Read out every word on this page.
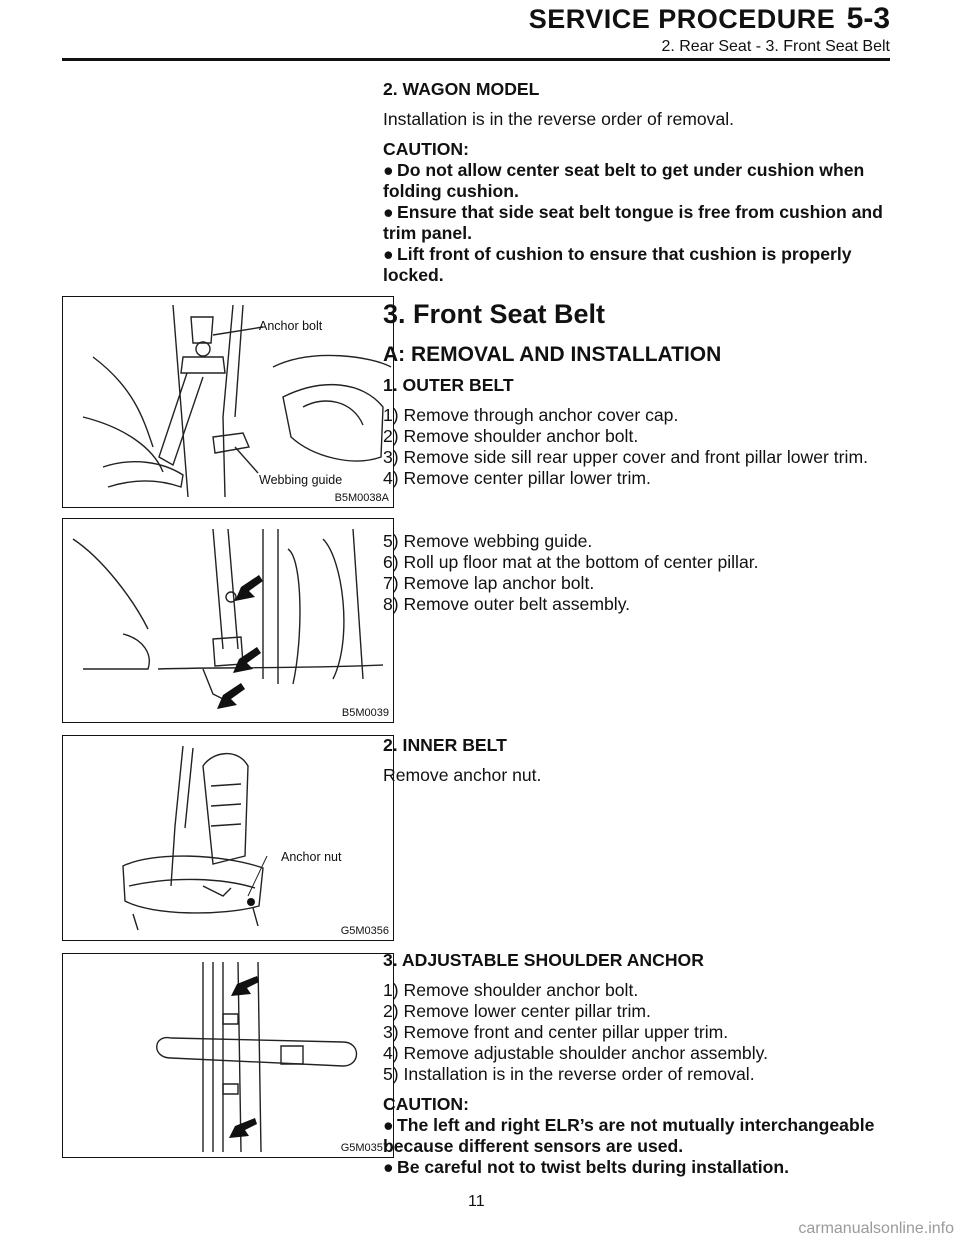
SERVICE PROCEDURE 5-3
2. Rear Seat - 3. Front Seat Belt

2. WAGON MODEL

Installation is in the reverse order of removal.

CAUTION:

● Do not allow center seat belt to get under cushion when folding cushion.

● Ensure that side seat belt tongue is free from cushion and trim panel.

● Lift front of cushion to ensure that cushion is properly locked.

Anchor bolt
Webbing guide
B5M0038A

3. Front Seat Belt

A: REMOVAL AND INSTALLATION

1. OUTER BELT

1) Remove through anchor cover cap.

2) Remove shoulder anchor bolt.

3) Remove side sill rear upper cover and front pillar lower trim.

4) Remove center pillar lower trim.

B5M0039

5) Remove webbing guide.

6) Roll up floor mat at the bottom of center pillar.

7) Remove lap anchor bolt.

8) Remove outer belt assembly.

Anchor nut
G5M0356

2. INNER BELT

Remove anchor nut.

G5M0357

3. ADJUSTABLE SHOULDER ANCHOR

1) Remove shoulder anchor bolt.

2) Remove lower center pillar trim.

3) Remove front and center pillar upper trim.

4) Remove adjustable shoulder anchor assembly.

5) Installation is in the reverse order of removal.

CAUTION:

● The left and right ELR’s are not mutually interchangeable because different sensors are used.

● Be careful not to twist belts during installation.

11
carmanualsonline.info
